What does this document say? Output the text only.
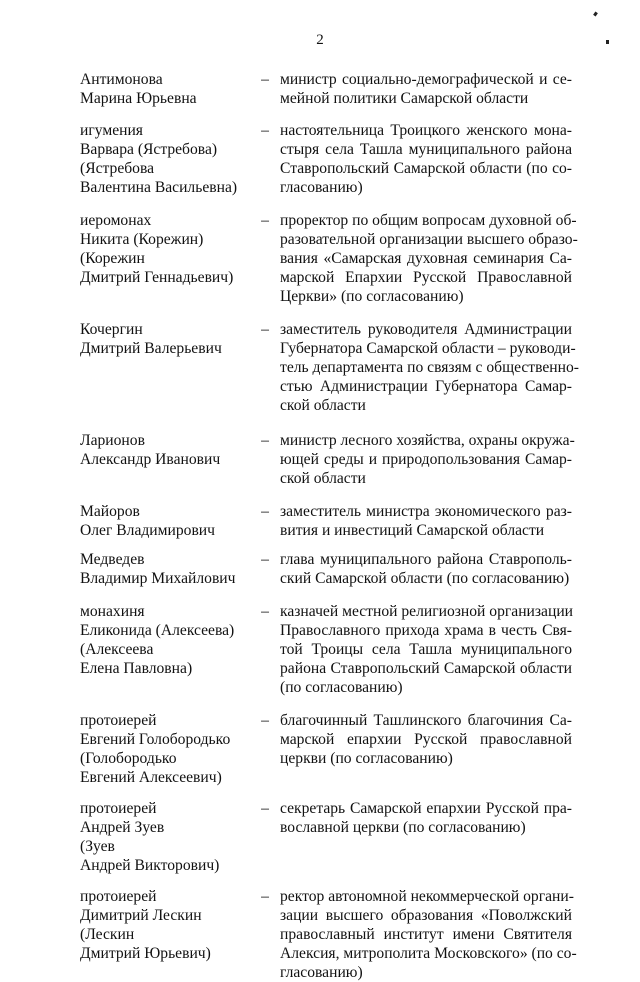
2
Антимонова
Марина Юрьевна
– министр социально-демографической и се-
мейной политики Самарской области
игумения
Варвара (Ястребова)
(Ястребова
Валентина Васильевна)
– настоятельница Троицкого женского мона-
стыря села Ташла муниципального района
Ставропольский Самарской области (по со-
гласованию)
иеромонах
Никита (Корежин)
(Корежин
Дмитрий Геннадьевич)
– проректор по общим вопросам духовной об-
разовательной организации высшего образо-
вания «Самарская духовная семинария Са-
марской Епархии Русской Православной
Церкви» (по согласованию)
Кочергин
Дмитрий Валерьевич
– заместитель руководителя Администрации
Губернатора Самарской области – руководи-
тель департамента по связям с общественно-
стью Администрации Губернатора Самар-
ской области
Ларионов
Александр Иванович
– министр лесного хозяйства, охраны окружа-
ющей среды и природопользования Самар-
ской области
Майоров
Олег Владимирович
– заместитель министра экономического раз-
вития и инвестиций Самарской области
Медведев
Владимир Михайлович
– глава муниципального района Ставрополь-
ский Самарской области (по согласованию)
монахиня
Еликонида (Алексеева)
(Алексеева
Елена Павловна)
– казначей местной религиозной организации
Православного прихода храма в честь Свя-
той Троицы села Ташла муниципального
района Ставропольский Самарской области
(по согласованию)
протоиерей
Евгений Голобородько
(Голобородько
Евгений Алексеевич)
– благочинный Ташлинского благочиния Са-
марской епархии Русской православной
церкви (по согласованию)
протоиерей
Андрей Зуев
(Зуев
Андрей Викторович)
– секретарь Самарской епархии Русской пра-
вославной церкви (по согласованию)
протоиерей
Димитрий Лескин
(Лескин
Дмитрий Юрьевич)
– ректор автономной некоммерческой органи-
зации высшего образования «Поволжский
православный институт имени Святителя
Алексия, митрополита Московского» (по со-
гласованию)
